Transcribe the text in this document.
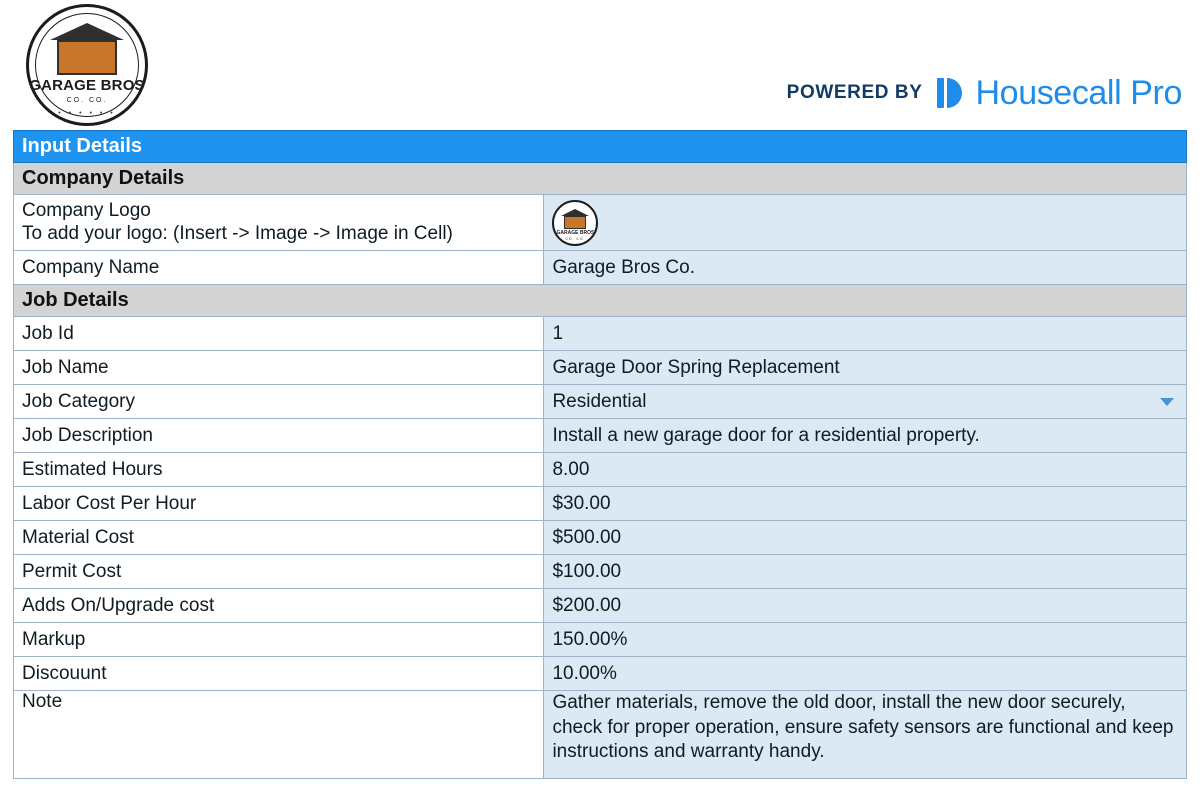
GARAGE BROS
CO. CO.
• • • • • •
POWERED BY Housecall Pro
Input Details	
Company Details	

Company Logo
To add your logo: (Insert -> Image -> Image in Cell)	GARAGE BROS
CO. CO.

Company Name	Garage Bros Co.
Job Details	
Job Id	1
Job Name	Garage Door Spring Replacement
Job Category	Residential

Job Description	Install a new garage door for a residential property.
Estimated Hours	8.00
Labor Cost Per Hour	$30.00
Material Cost	$500.00
Permit Cost	$100.00
Adds On/Upgrade cost	$200.00
Markup	150.00%
Discouunt	10.00%
Note	Gather materials, remove the old door, install the new door securely, check for proper operation, ensure safety sensors are functional and keep instructions and warranty handy.
